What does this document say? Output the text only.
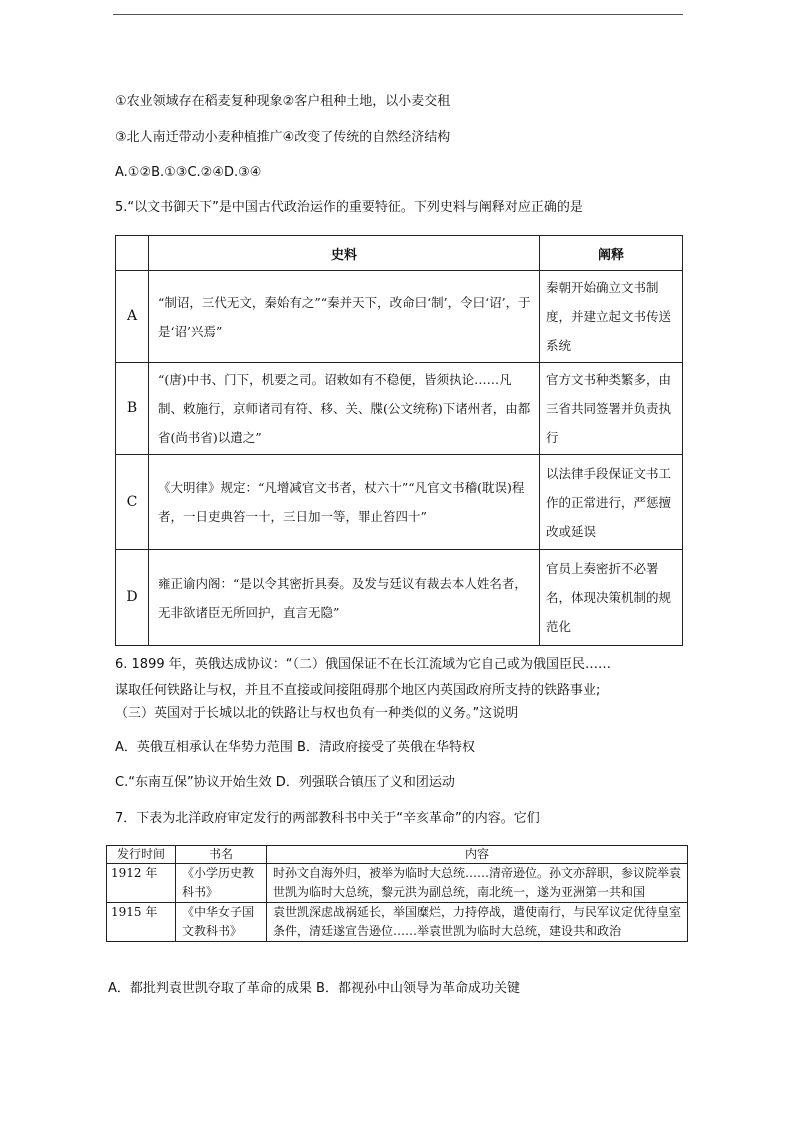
①农业领域存在稻麦复种现象②客户租种土地，以小麦交租
③北人南迁带动小麦种植推广④改变了传统的自然经济结构
A.①②B.①③C.②④D.③④
5.“以文书御天下”是中国古代政治运作的重要特征。下列史料与阐释对应正确的是
	史料	阐释
A	“制诏，三代无文，秦始有之”“秦并天下，改命曰‘制’，令曰‘诏’，于是‘诏’兴焉”	秦朝开始确立文书制度，并建立起文书传送系统
B	“(唐)中书、门下，机要之司。诏敕如有不稳便，皆须执论……凡制、敕施行，京师诸司有符、移、关、牒(公文统称)下诸州者，由都省(尚书省)以遣之”	官方文书种类繁多，由三省共同签署并负责执行
C	《大明律》规定：“凡增减官文书者，杖六十”“凡官文书稽(耽误)程者，一日吏典笞一十，三日加一等，罪止笞四十”	以法律手段保证文书工作的正常进行，严惩擅改或延误
D	雍正谕内阁：“是以令其密折具奏。及发与廷议有裁去本人姓名者，无非欲诸臣无所回护，直言无隐”	官员上奏密折不必署名，体现决策机制的规范化
6. 1899 年，英俄达成协议：“（二）俄国保证不在长江流域为它自己或为俄国臣民……
谋取任何铁路让与权，并且不直接或间接阻碍那个地区内英国政府所支持的铁路事业;
（三）英国对于长城以北的铁路让与权也负有一种类似的义务。”这说明
A．英俄互相承认在华势力范围 B．清政府接受了英俄在华特权
C.“东南互保”协议开始生效 D．列强联合镇压了义和团运动
7．下表为北洋政府审定发行的两部教科书中关于“辛亥革命”的内容。它们
发行时间	书名	内容
1912 年	《小学历史教科书》	时孙文自海外归，被举为临时大总统……清帝逊位。孙文亦辞职，参议院举袁世凯为临时大总统，黎元洪为副总统，南北统一，遂为亚洲第一共和国
1915 年	《中华女子国文教科书》	袁世凯深虑战祸延长，举国糜烂，力持停战，遣使南行，与民军议定优待皇室条件，清廷遂宣告逊位……举袁世凯为临时大总统，建设共和政治
A．都批判袁世凯夺取了革命的成果 B．都视孙中山领导为革命成功关键
